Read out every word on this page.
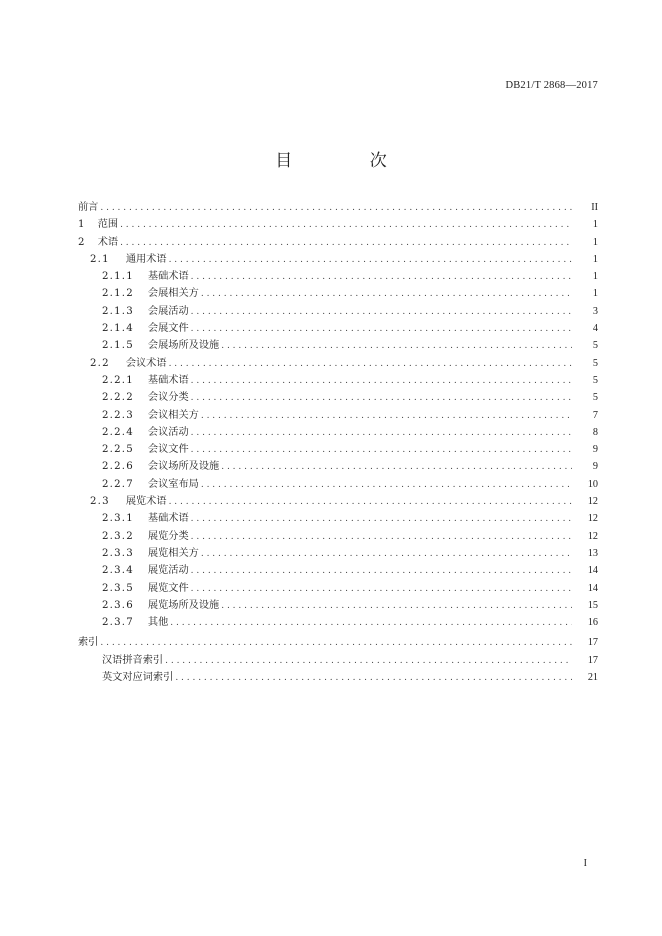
DB21/T 2868—2017
目 次
前言 . . .	II
1 范围 . . .	1
2 术语 . . .	1
2.1 通用术语 . . .	1
2.1.1 基础术语 . . .	1
2.1.2 会展相关方 . . .	1
2.1.3 会展活动 . . .	3
2.1.4 会展文件 . . .	4
2.1.5 会展场所及设施 . . .	5
2.2 会议术语 . . .	5
2.2.1 基础术语 . . .	5
2.2.2 会议分类 . . .	5
2.2.3 会议相关方 . . .	7
2.2.4 会议活动 . . .	8
2.2.5 会议文件 . . .	9
2.2.6 会议场所及设施 . . .	9
2.2.7 会议室布局 . . .	10
2.3 展览术语 . . .	12
2.3.1 基础术语 . . .	12
2.3.2 展览分类 . . .	12
2.3.3 展览相关方 . . .	13
2.3.4 展览活动 . . .	14
2.3.5 展览文件 . . .	14
2.3.6 展览场所及设施 . . .	15
2.3.7 其他 . . .	16
索引 . . .	17
汉语拼音索引 . . .	17
英文对应词索引 . . .	21
I
